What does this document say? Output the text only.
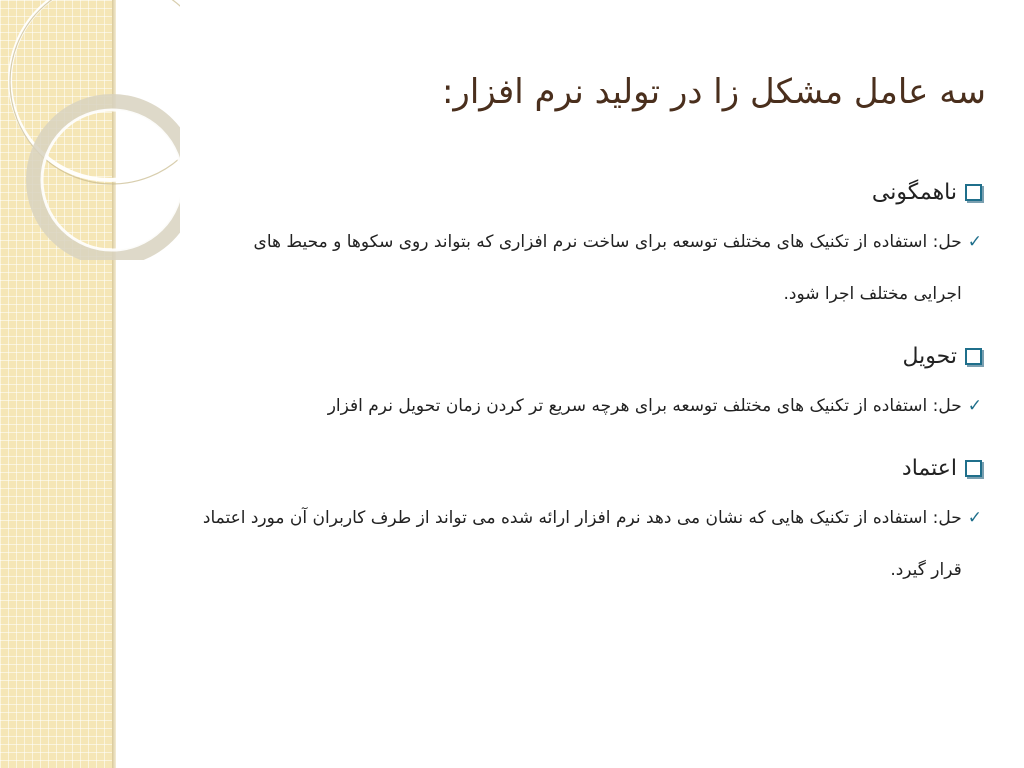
سه عامل مشکل زا در تولید نرم افزار:
ناهمگونی
✓
حل: استفاده از تکنیک های مختلف توسعه برای ساخت نرم افزاری که بتواند روی سکوها و محیط های اجرایی مختلف اجرا شود.
تحویل
✓
حل: استفاده از تکنیک های مختلف توسعه برای هرچه سریع تر کردن زمان تحویل نرم افزار
اعتماد
✓
حل: استفاده از تکنیک هایی که نشان می دهد نرم افزار ارائه شده می تواند از طرف کاربران آن مورد اعتماد قرار گیرد.
